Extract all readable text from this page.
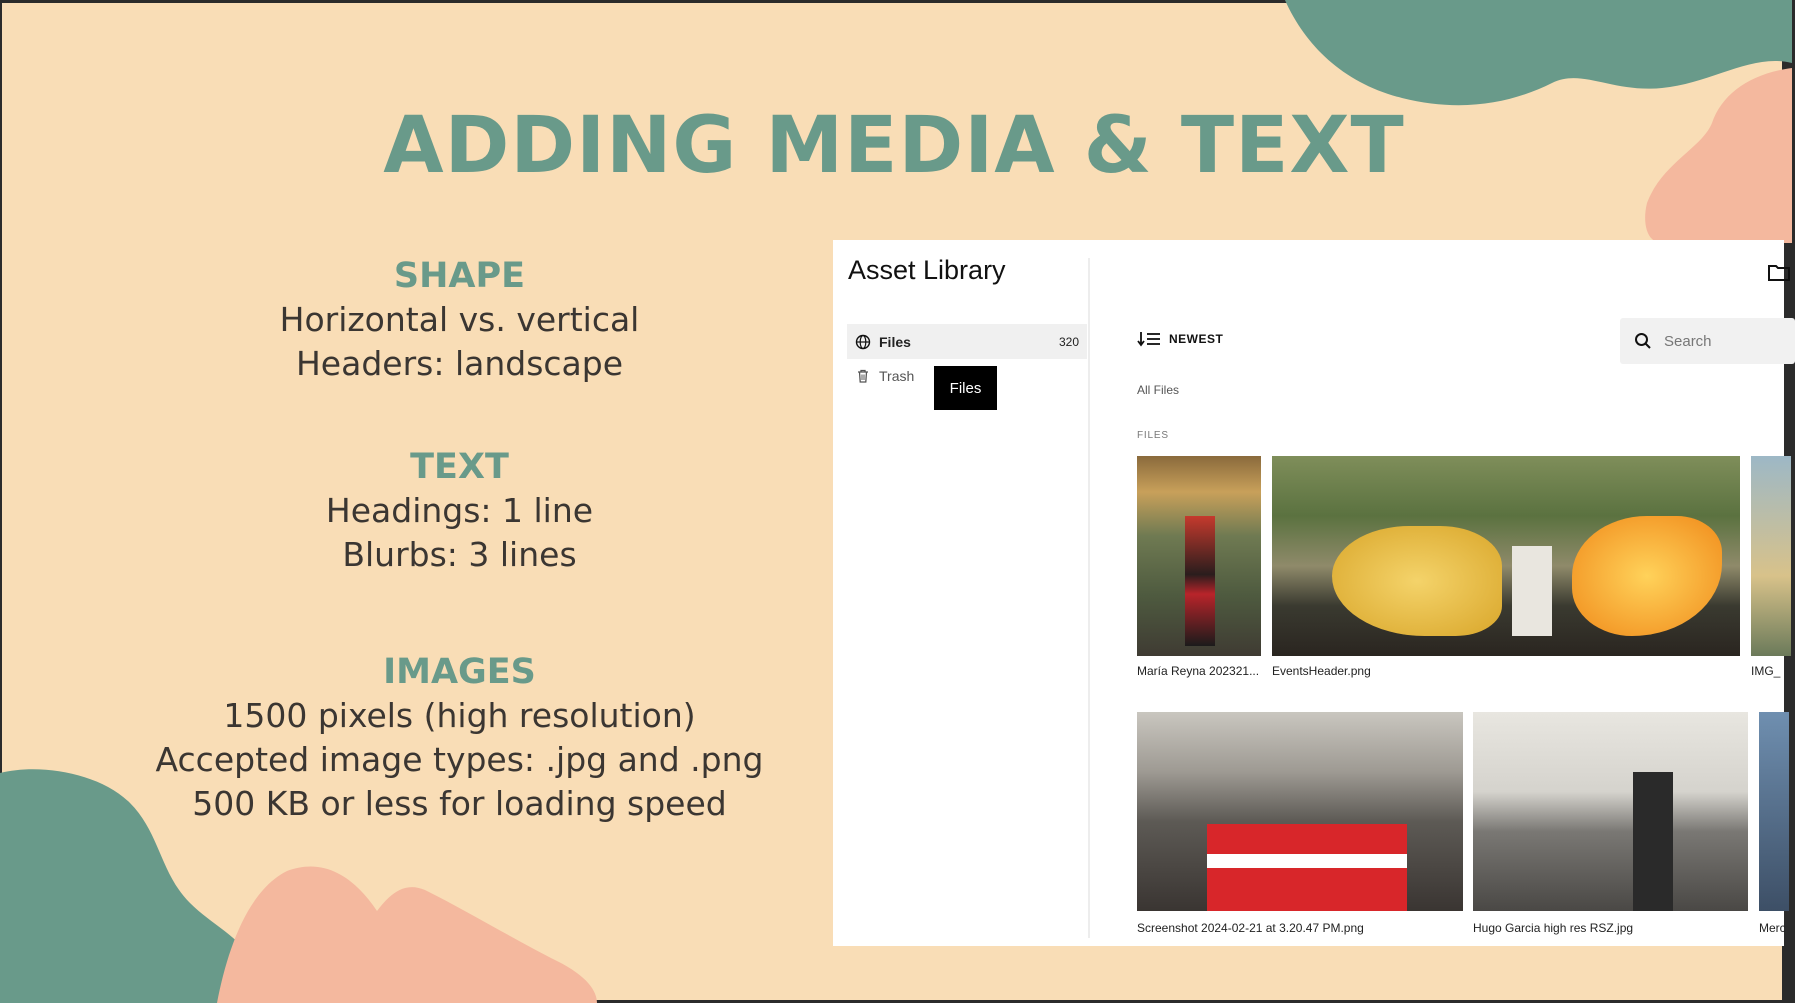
ADDING MEDIA & TEXT
SHAPE
Horizontal vs. vertical
Headers: landscape
TEXT
Headings: 1 line
Blurbs: 3 lines
IMAGES
1500 pixels (high resolution)
Accepted image types: .jpg and .png
500 KB or less for loading speed
Asset Library
Files	320
Trash
Files
NEWEST	Search
All Files
FILES
María Reyna 202321... EventsHeader.png	IMG_
Screenshot 2024-02-21 at 3.20.47 PM.png	Hugo Garcia high res RSZ.jpg	Merc
